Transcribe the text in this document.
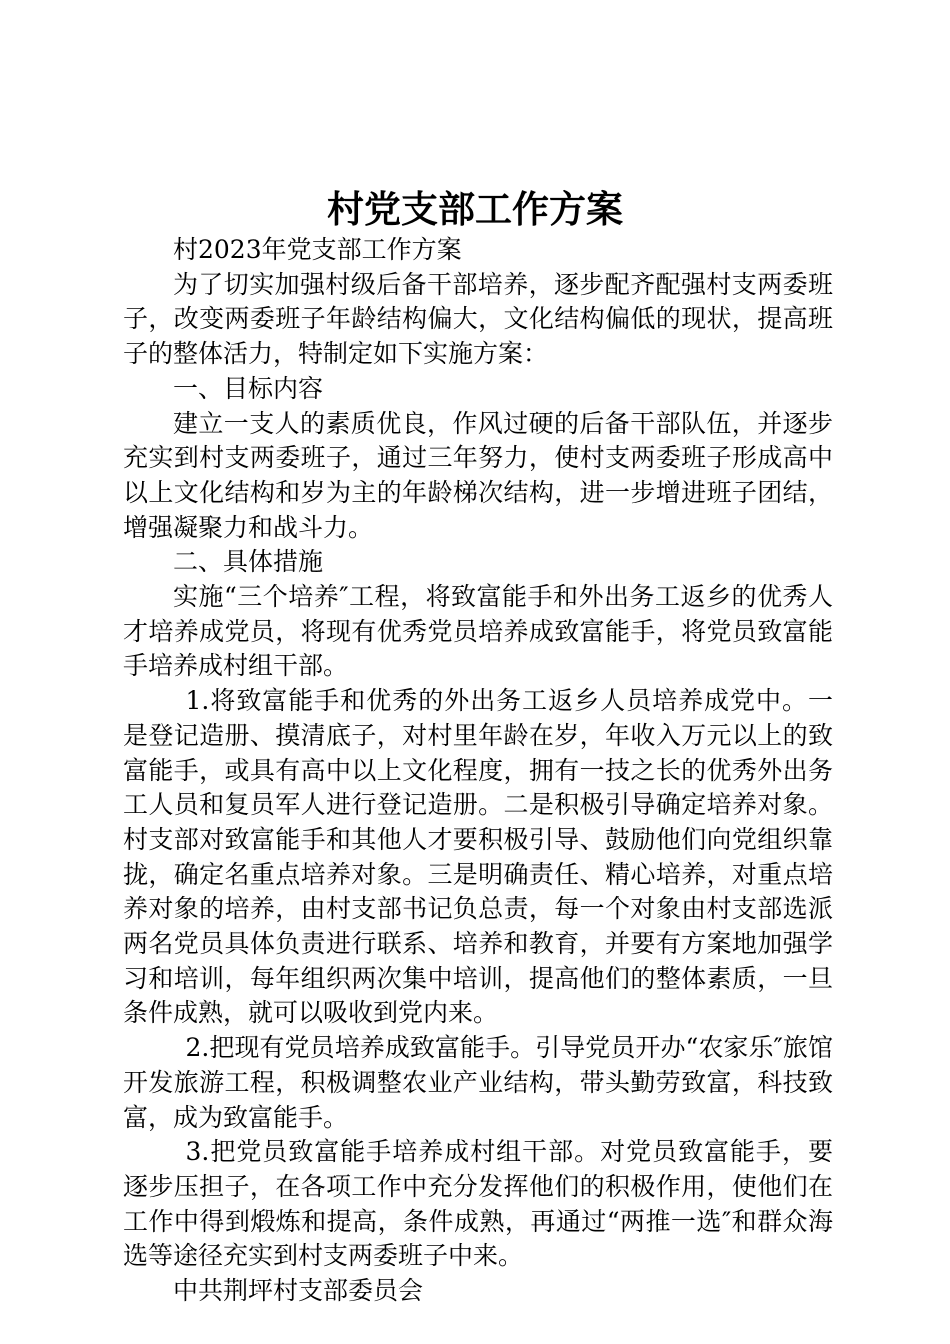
村党支部工作方案

村2023年党支部工作方案

为了切实加强村级后备干部培养，逐步配齐配强村支两委班子，改变两委班子年龄结构偏大，文化结构偏低的现状，提高班子的整体活力，特制定如下实施方案：

一、目标内容

建立一支人的素质优良，作风过硬的后备干部队伍，并逐步充实到村支两委班子，通过三年努力，使村支两委班子形成高中以上文化结构和岁为主的年龄梯次结构，进一步增进班子团结，增强凝聚力和战斗力。

二、具体措施

实施“三个培养″工程，将致富能手和外出务工返乡的优秀人才培养成党员，将现有优秀党员培养成致富能手，将党员致富能手培养成村组干部。

1.将致富能手和优秀的外出务工返乡人员培养成党中。一是登记造册、摸清底子，对村里年龄在岁，年收入万元以上的致富能手，或具有高中以上文化程度，拥有一技之长的优秀外出务工人员和复员军人进行登记造册。二是积极引导确定培养对象。村支部对致富能手和其他人才要积极引导、鼓励他们向党组织靠拢，确定名重点培养对象。三是明确责任、精心培养，对重点培养对象的培养，由村支部书记负总责，每一个对象由村支部选派两名党员具体负责进行联系、培养和教育，并要有方案地加强学习和培训，每年组织两次集中培训，提高他们的整体素质，一旦条件成熟，就可以吸收到党内来。

2.把现有党员培养成致富能手。引导党员开办“农家乐″旅馆开发旅游工程，积极调整农业产业结构，带头勤劳致富，科技致富，成为致富能手。

3.把党员致富能手培养成村组干部。对党员致富能手，要逐步压担子，在各项工作中充分发挥他们的积极作用，使他们在工作中得到煅炼和提高，条件成熟，再通过“两推一选″和群众海选等途径充实到村支两委班子中来。

中共荆坪村支部委员会
